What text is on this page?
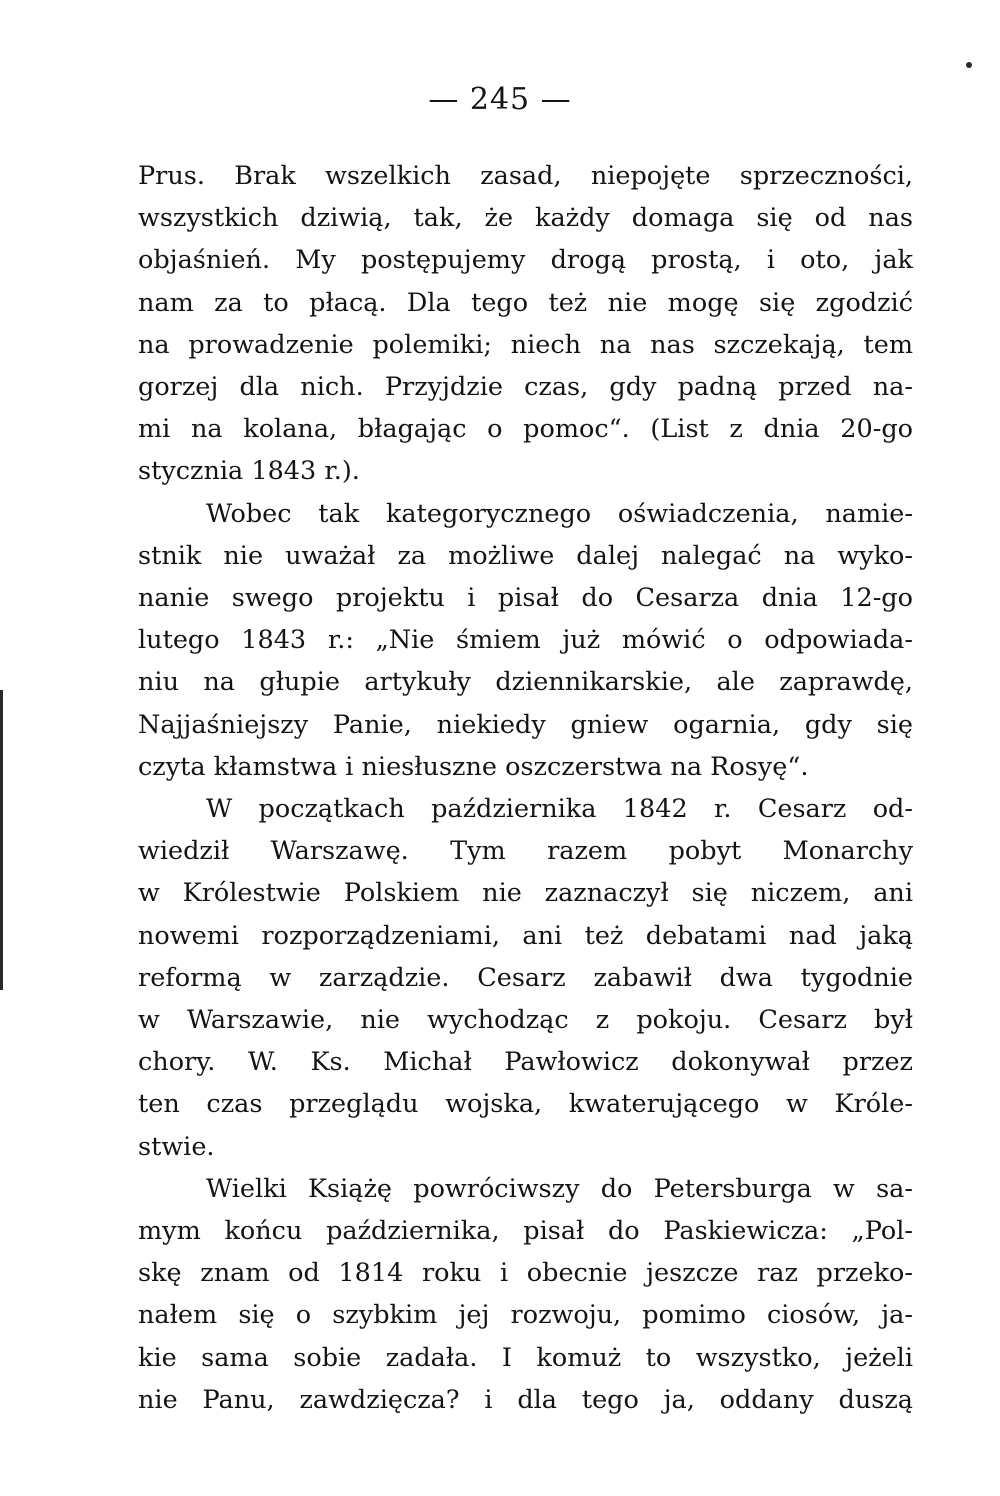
— 245 —

Prus. Brak wszelkich zasad, niepojęte sprzeczności,
wszystkich dziwią, tak, że każdy domaga się od nas
objaśnień. My postępujemy drogą prostą, i oto, jak
nam za to płacą. Dla tego też nie mogę się zgodzić
na prowadzenie polemiki; niech na nas szczekają, tem
gorzej dla nich. Przyjdzie czas, gdy padną przed na-
mi na kolana, błagając o pomoc“. (List z dnia 20-go
stycznia 1843 r.).

Wobec tak kategorycznego oświadczenia, namie-
stnik nie uważał za możliwe dalej nalegać na wyko-
nanie swego projektu i pisał do Cesarza dnia 12-go
lutego 1843 r.: „Nie śmiem już mówić o odpowiada-
niu na głupie artykuły dziennikarskie, ale zaprawdę,
Najjaśniejszy Panie, niekiedy gniew ogarnia, gdy się
czyta kłamstwa i niesłuszne oszczerstwa na Rosyę“.

W początkach października 1842 r. Cesarz od-
wiedził Warszawę. Tym razem pobyt Monarchy
w Królestwie Polskiem nie zaznaczył się niczem, ani
nowemi rozporządzeniami, ani też debatami nad jaką
reformą w zarządzie. Cesarz zabawił dwa tygodnie
w Warszawie, nie wychodząc z pokoju. Cesarz był
chory. W. Ks. Michał Pawłowicz dokonywał przez
ten czas przeglądu wojska, kwaterującego w Króle-
stwie.

Wielki Książę powróciwszy do Petersburga w sa-
mym końcu października, pisał do Paskiewicza: „Pol-
skę znam od 1814 roku i obecnie jeszcze raz przeko-
nałem się o szybkim jej rozwoju, pomimo ciosów, ja-
kie sama sobie zadała. I komuż to wszystko, jeżeli
nie Panu, zawdzięcza? i dla tego ja, oddany duszą
